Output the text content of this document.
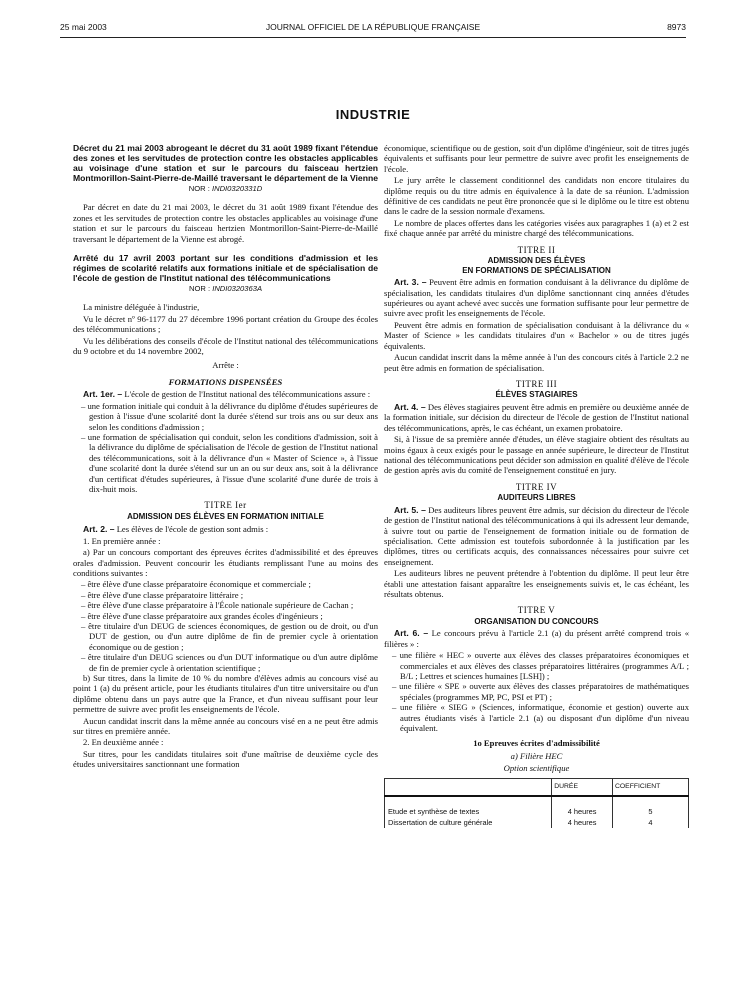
25 mai 2003	JOURNAL OFFICIEL DE LA RÉPUBLIQUE FRANÇAISE	8973
INDUSTRIE

Décret du 21 mai 2003 abrogeant le décret du 31 août 1989 fixant l'étendue des zones et les servitudes de protection contre les obstacles applicables au voisinage d'une station et sur le parcours du faisceau hertzien Montmorillon-Saint-Pierre-de-Maillé traversant le département de la Vienne

NOR : INDI0320331D

Par décret en date du 21 mai 2003, le décret du 31 août 1989 fixant l'étendue des zones et les servitudes de protection contre les obstacles applicables au voisinage d'une station et sur le parcours du faisceau hertzien Montmorillon-Saint-Pierre-de-Maillé traversant le département de la Vienne est abrogé.

Arrêté du 17 avril 2003 portant sur les conditions d'admission et les régimes de scolarité relatifs aux formations initiale et de spécialisation de l'école de gestion de l'Institut national des télécommunications

NOR : INDI0320363A

La ministre déléguée à l'industrie,

Vu le décret nº 96-1177 du 27 décembre 1996 portant création du Groupe des écoles des télécommunications ;

Vu les délibérations des conseils d'école de l'Institut national des télécommunications du 9 octobre et du 14 novembre 2002,

Arrête :

FORMATIONS DISPENSÉES

Art. 1er. – L'école de gestion de l'Institut national des télécommunications assure :

– une formation initiale qui conduit à la délivrance du diplôme d'études supérieures de gestion à l'issue d'une scolarité dont la durée s'étend sur trois ans ou sur deux ans selon les conditions d'admission ;
– une formation de spécialisation qui conduit, selon les conditions d'admission, soit à la délivrance du diplôme de spécialisation de l'école de gestion de l'Institut national des télécommunications, soit à la délivrance d'un « Master of Science », à l'issue d'une scolarité dont la durée s'étend sur un an ou sur deux ans, soit à la délivrance d'un certificat d'études supérieures, à l'issue d'une scolarité d'une durée de trois à dix-huit mois.

TITRE Ier

ADMISSION DES ÉLÈVES EN FORMATION INITIALE

Art. 2. – Les élèves de l'école de gestion sont admis :

1. En première année :

a) Par un concours comportant des épreuves écrites d'admissibilité et des épreuves orales d'admission. Peuvent concourir les étudiants remplissant l'une au moins des conditions suivantes :

– être élève d'une classe préparatoire économique et commerciale ;
– être élève d'une classe préparatoire littéraire ;
– être élève d'une classe préparatoire à l'École nationale supérieure de Cachan ;
– être élève d'une classe préparatoire aux grandes écoles d'ingénieurs ;
– être titulaire d'un DEUG de sciences économiques, de gestion ou de droit, ou d'un DUT de gestion, ou d'un autre diplôme de fin de premier cycle à orientation économique ou de gestion ;
– être titulaire d'un DEUG sciences ou d'un DUT informatique ou d'un autre diplôme de fin de premier cycle à orientation scientifique ;

b) Sur titres, dans la limite de 10 % du nombre d'élèves admis au concours visé au point 1 (a) du présent article, pour les étudiants titulaires d'un titre universitaire ou d'un diplôme obtenu dans un pays autre que la France, et d'un niveau suffisant pour leur permettre de suivre avec profit les enseignements de l'école.

Aucun candidat inscrit dans la même année au concours visé en a ne peut être admis sur titres en première année.

2. En deuxième année :

Sur titres, pour les candidats titulaires soit d'une maîtrise de deuxième cycle des études universitaires sanctionnant une formation

économique, scientifique ou de gestion, soit d'un diplôme d'ingénieur, soit de titres jugés équivalents et suffisants pour leur permettre de suivre avec profit les enseignements de l'école.

Le jury arrête le classement conditionnel des candidats non encore titulaires du diplôme requis ou du titre admis en équivalence à la date de sa réunion. L'admission définitive de ces candidats ne peut être prononcée que si le diplôme ou le titre est obtenu dans le cadre de la session normale d'examens.

Le nombre de places offertes dans les catégories visées aux paragraphes 1 (a) et 2 est fixé chaque année par arrêté du ministre chargé des télécommunications.

TITRE II

ADMISSION DES ÉLÈVES

EN FORMATIONS DE SPÉCIALISATION

Art. 3. – Peuvent être admis en formation conduisant à la délivrance du diplôme de spécialisation, les candidats titulaires d'un diplôme sanctionnant cinq années d'études supérieures ou ayant achevé avec succès une formation suffisante pour leur permettre de suivre avec profit les enseignements de l'école.

Peuvent être admis en formation de spécialisation conduisant à la délivrance du « Master of Science » les candidats titulaires d'un « Bachelor » ou de titres jugés équivalents.

Aucun candidat inscrit dans la même année à l'un des concours cités à l'article 2.2 ne peut être admis en formation de spécialisation.

TITRE III

ÉLÈVES STAGIAIRES

Art. 4. – Des élèves stagiaires peuvent être admis en première ou deuxième année de la formation initiale, sur décision du directeur de l'école de gestion de l'Institut national des télécommunications, après, le cas échéant, un examen probatoire.

Si, à l'issue de sa première année d'études, un élève stagiaire obtient des résultats au moins égaux à ceux exigés pour le passage en année supérieure, le directeur de l'Institut national des télécommunications peut décider son admission en qualité d'élève de l'école de gestion après avis du comité de l'enseignement constitué en jury.

TITRE IV

AUDITEURS LIBRES

Art. 5. – Des auditeurs libres peuvent être admis, sur décision du directeur de l'école de gestion de l'Institut national des télécommunications à qui ils adressent leur demande, à suivre tout ou partie de l'enseignement de formation initiale ou de formation de spécialisation. Cette admission est toutefois subordonnée à la justification par les diplômes, titres ou certificats acquis, des connaissances nécessaires pour suivre cet enseignement.

Les auditeurs libres ne peuvent prétendre à l'obtention du diplôme. Il peut leur être établi une attestation faisant apparaître les enseignements suivis et, le cas échéant, les résultats obtenus.

TITRE V

ORGANISATION DU CONCOURS

Art. 6. – Le concours prévu à l'article 2.1 (a) du présent arrêté comprend trois « filières » :

– une filière « HEC » ouverte aux élèves des classes préparatoires économiques et commerciales et aux élèves des classes préparatoires littéraires (programmes A/L ; B/L ; Lettres et sciences humaines [LSH]) ;
– une filière « SPE » ouverte aux élèves des classes préparatoires de mathématiques spéciales (programmes MP, PC, PSI et PT) ;
– une filière « SIEG » (Sciences, informatique, économie et gestion) ouverte aux autres étudiants visés à l'article 2.1 (a) ou disposant d'un diplôme d'un niveau équivalent.

1o Epreuves écrites d'admissibilité

a) Filière HEC

Option scientifique

	DURÉE	COEFFICIENT

Etude et synthèse de textes	4 heures	5
Dissertation de culture générale	4 heures	4
